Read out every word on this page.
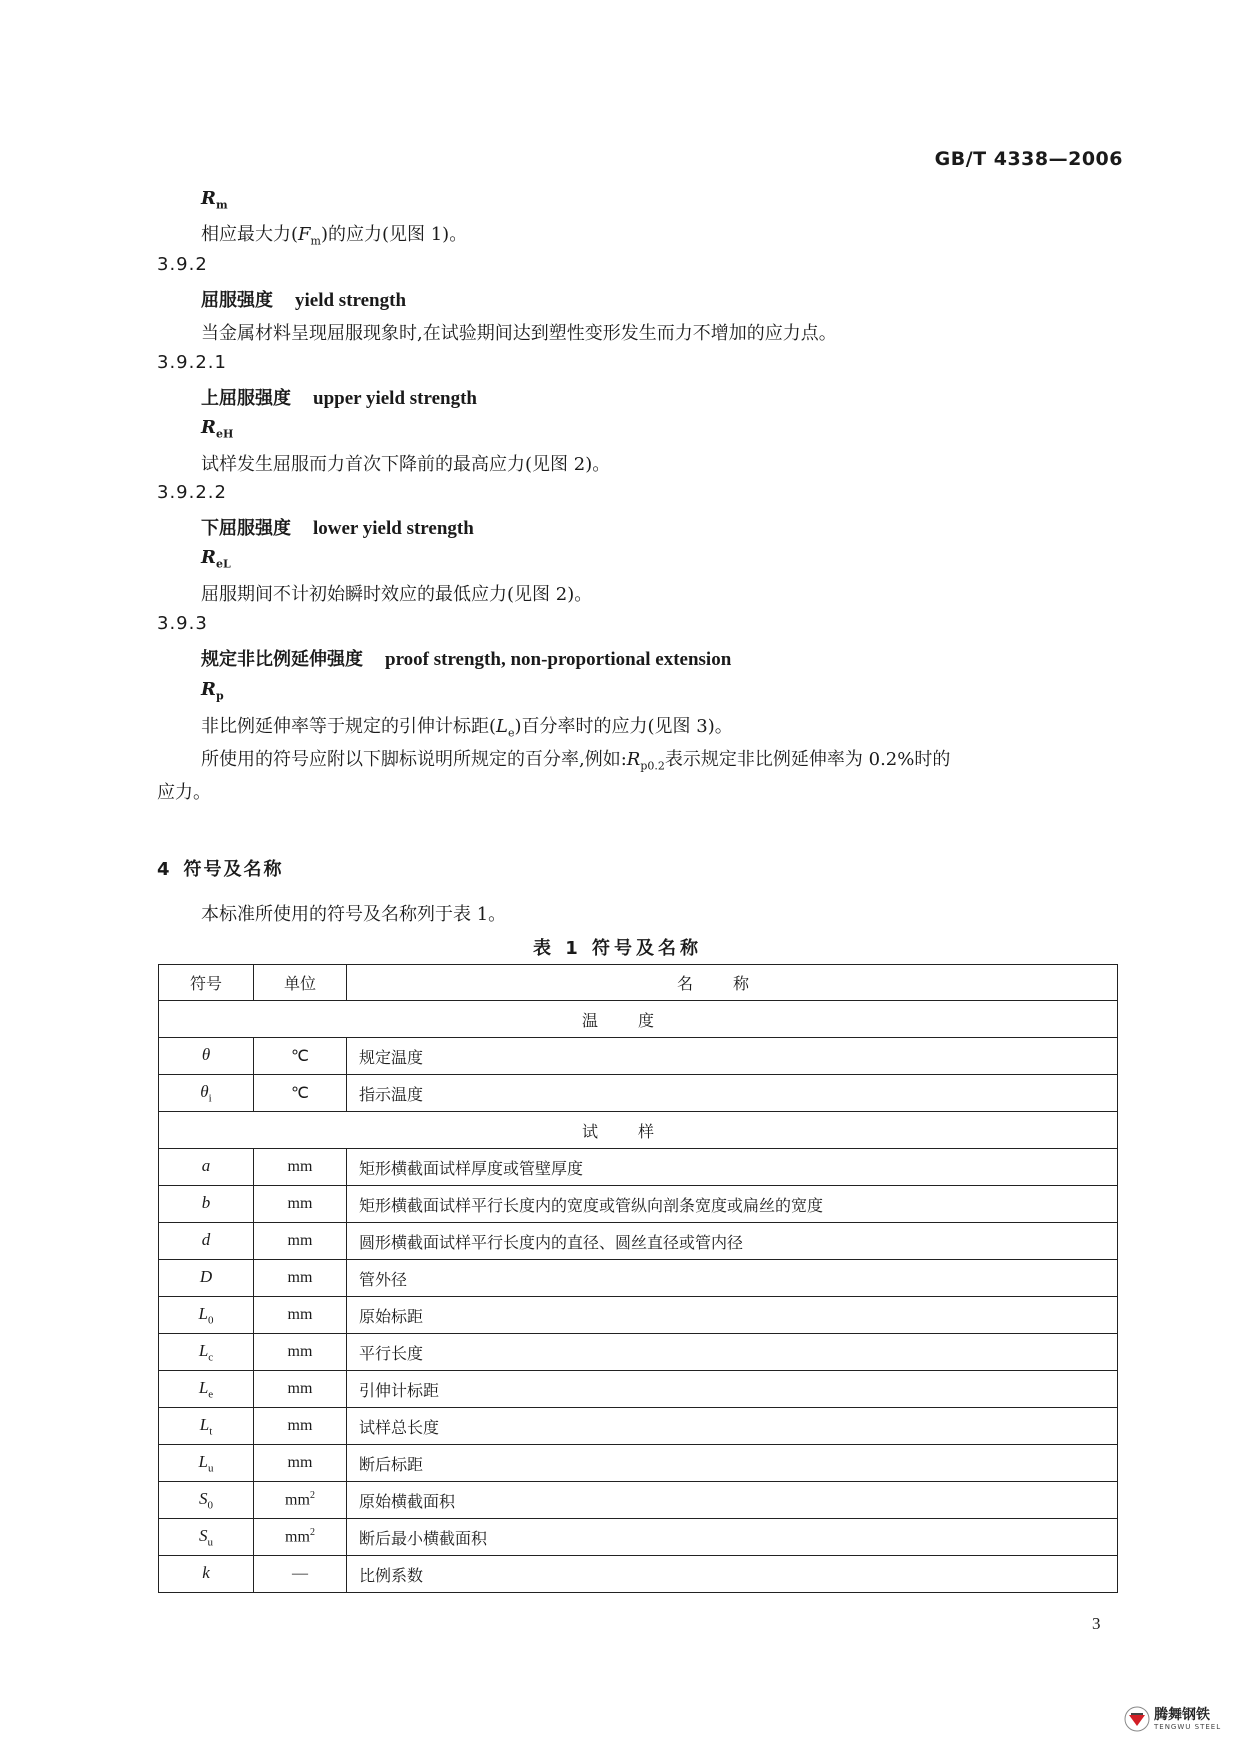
GB/T 4338—2006
$R_m$
相应最大力$(F_m)$的应力(见图 1)。
3.9.2
屈服强度 yield strength
当金属材料呈现屈服现象时,在试验期间达到塑性变形发生而力不增加的应力点。
3.9.2.1
上屈服强度 upper yield strength
$R_{eH}$
试样发生屈服而力首次下降前的最高应力(见图 2)。
3.9.2.2
下屈服强度 lower yield strength
$R_{eL}$
屈服期间不计初始瞬时效应的最低应力(见图 2)。
3.9.3
规定非比例延伸强度 proof strength, non-proportional extension
$R_p$
非比例延伸率等于规定的引伸计标距$(L_e)$百分率时的应力(见图 3)。
所使用的符号应附以下脚标说明所规定的百分率,例如$:R_{p0.2}$表示规定非比例延伸率为 0.2%时的
应力。
4 符号及名称
本标准所使用的符号及名称列于表 1。
表 1 符号及名称
符号	单位	名称
温度		
θ	℃	规定温度
$\theta_i$	℃	指示温度
试样		
a	mm	矩形横截面试样厚度或管壁厚度
b	mm	矩形横截面试样平行长度内的宽度或管纵向剖条宽度或扁丝的宽度
d	mm	圆形横截面试样平行长度内的直径、圆丝直径或管内径
D	mm	管外径
$L_0$	mm	原始标距
$L_c$	mm	平行长度
$L_e$	mm	引伸计标距
$L_t$	mm	试样总长度
$L_u$	mm	断后标距
$S_0$	$mm^2$	原始横截面积
$S_u$	$mm^2$	断后最小横截面积
k	—	比例系数
3
腾舞钢铁
TENGWU STEEL
